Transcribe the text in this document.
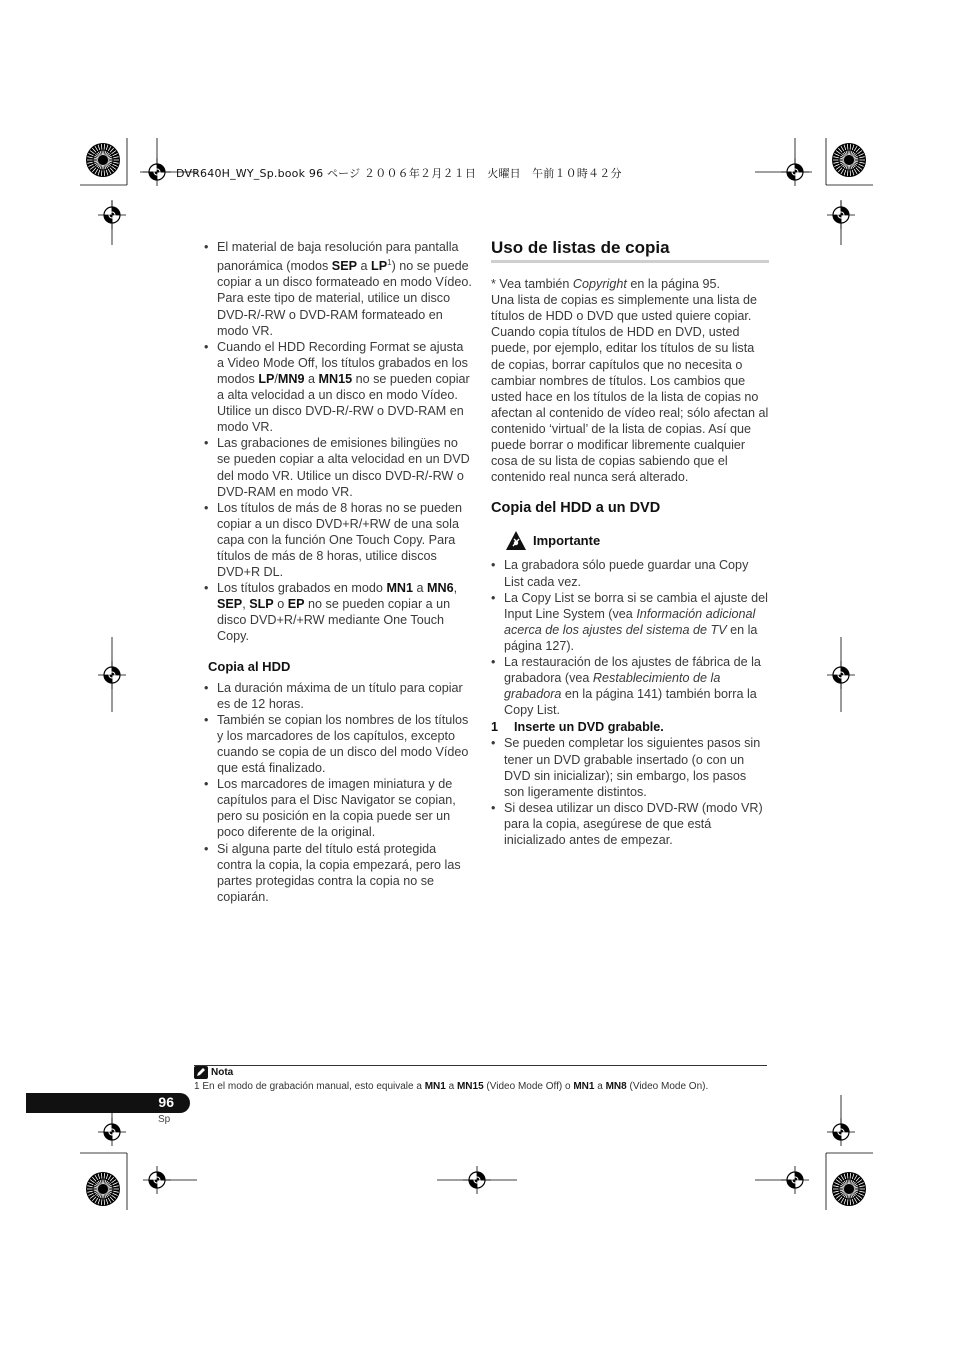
DVR640H_WY_Sp.book 96 ページ ２００６年２月２１日　火曜日　午前１０時４２分
• El material de baja resolución para pantalla panorámica (modos SEP a $LP^1$) no se puede copiar a un disco formateado en modo Vídeo. Para este tipo de material, utilice un disco DVD-R/-RW o DVD-RAM formateado en modo VR.
• Cuando el HDD Recording Format se ajusta a Video Mode Off, los títulos grabados en los modos LP/MN9 a MN15 no se pueden copiar a alta velocidad a un disco en modo Vídeo. Utilice un disco DVD-R/-RW o DVD-RAM en modo VR.
• Las grabaciones de emisiones bilingües no se pueden copiar a alta velocidad en un DVD del modo VR. Utilice un disco DVD-R/-RW o DVD-RAM en modo VR.
• Los títulos de más de 8 horas no se pueden copiar a un disco DVD+R/+RW de una sola capa con la función One Touch Copy. Para títulos de más de 8 horas, utilice discos DVD+R DL.
• Los títulos grabados en modo MN1 a MN6, SEP, SLP o EP no se pueden copiar a un disco DVD+R/+RW mediante One Touch Copy.
Copia al HDD
• La duración máxima de un título para copiar es de 12 horas.
• También se copian los nombres de los títulos y los marcadores de los capítulos, excepto cuando se copia de un disco del modo Vídeo que está finalizado.
• Los marcadores de imagen miniatura y de capítulos para el Disc Navigator se copian, pero su posición en la copia puede ser un poco diferente de la original.
• Si alguna parte del título está protegida contra la copia, la copia empezará, pero las partes protegidas contra la copia no se copiarán.
Uso de listas de copia
* Vea también Copyright en la página 95.
Una lista de copias es simplemente una lista de títulos de HDD o DVD que usted quiere copiar. Cuando copia títulos de HDD en DVD, usted puede, por ejemplo, editar los títulos de su lista de copias, borrar capítulos que no necesita o cambiar nombres de títulos. Los cambios que usted hace en los títulos de la lista de copias no afectan al contenido de vídeo real; sólo afectan al contenido ‘virtual’ de la lista de copias. Así que puede borrar o modificar libremente cualquier cosa de su lista de copias sabiendo que el contenido real nunca será alterado.
Copia del HDD a un DVD
Importante
• La grabadora sólo puede guardar una Copy List cada vez.
• La Copy List se borra si se cambia el ajuste del Input Line System (vea Información adicional acerca de los ajustes del sistema de TV en la página 127).
• La restauración de los ajustes de fábrica de la grabadora (vea Restablecimiento de la grabadora en la página 141) también borra la Copy List.
1 Inserte un DVD grabable.
• Se pueden completar los siguientes pasos sin tener un DVD grabable insertado (o con un DVD sin inicializar); sin embargo, los pasos son ligeramente distintos.
• Si desea utilizar un disco DVD-RW (modo VR) para la copia, asegúrese de que está inicializado antes de empezar.
Nota
1 En el modo de grabación manual, esto equivale a MN1 a MN15 (Video Mode Off) o MN1 a MN8 (Video Mode On).
96
Sp
